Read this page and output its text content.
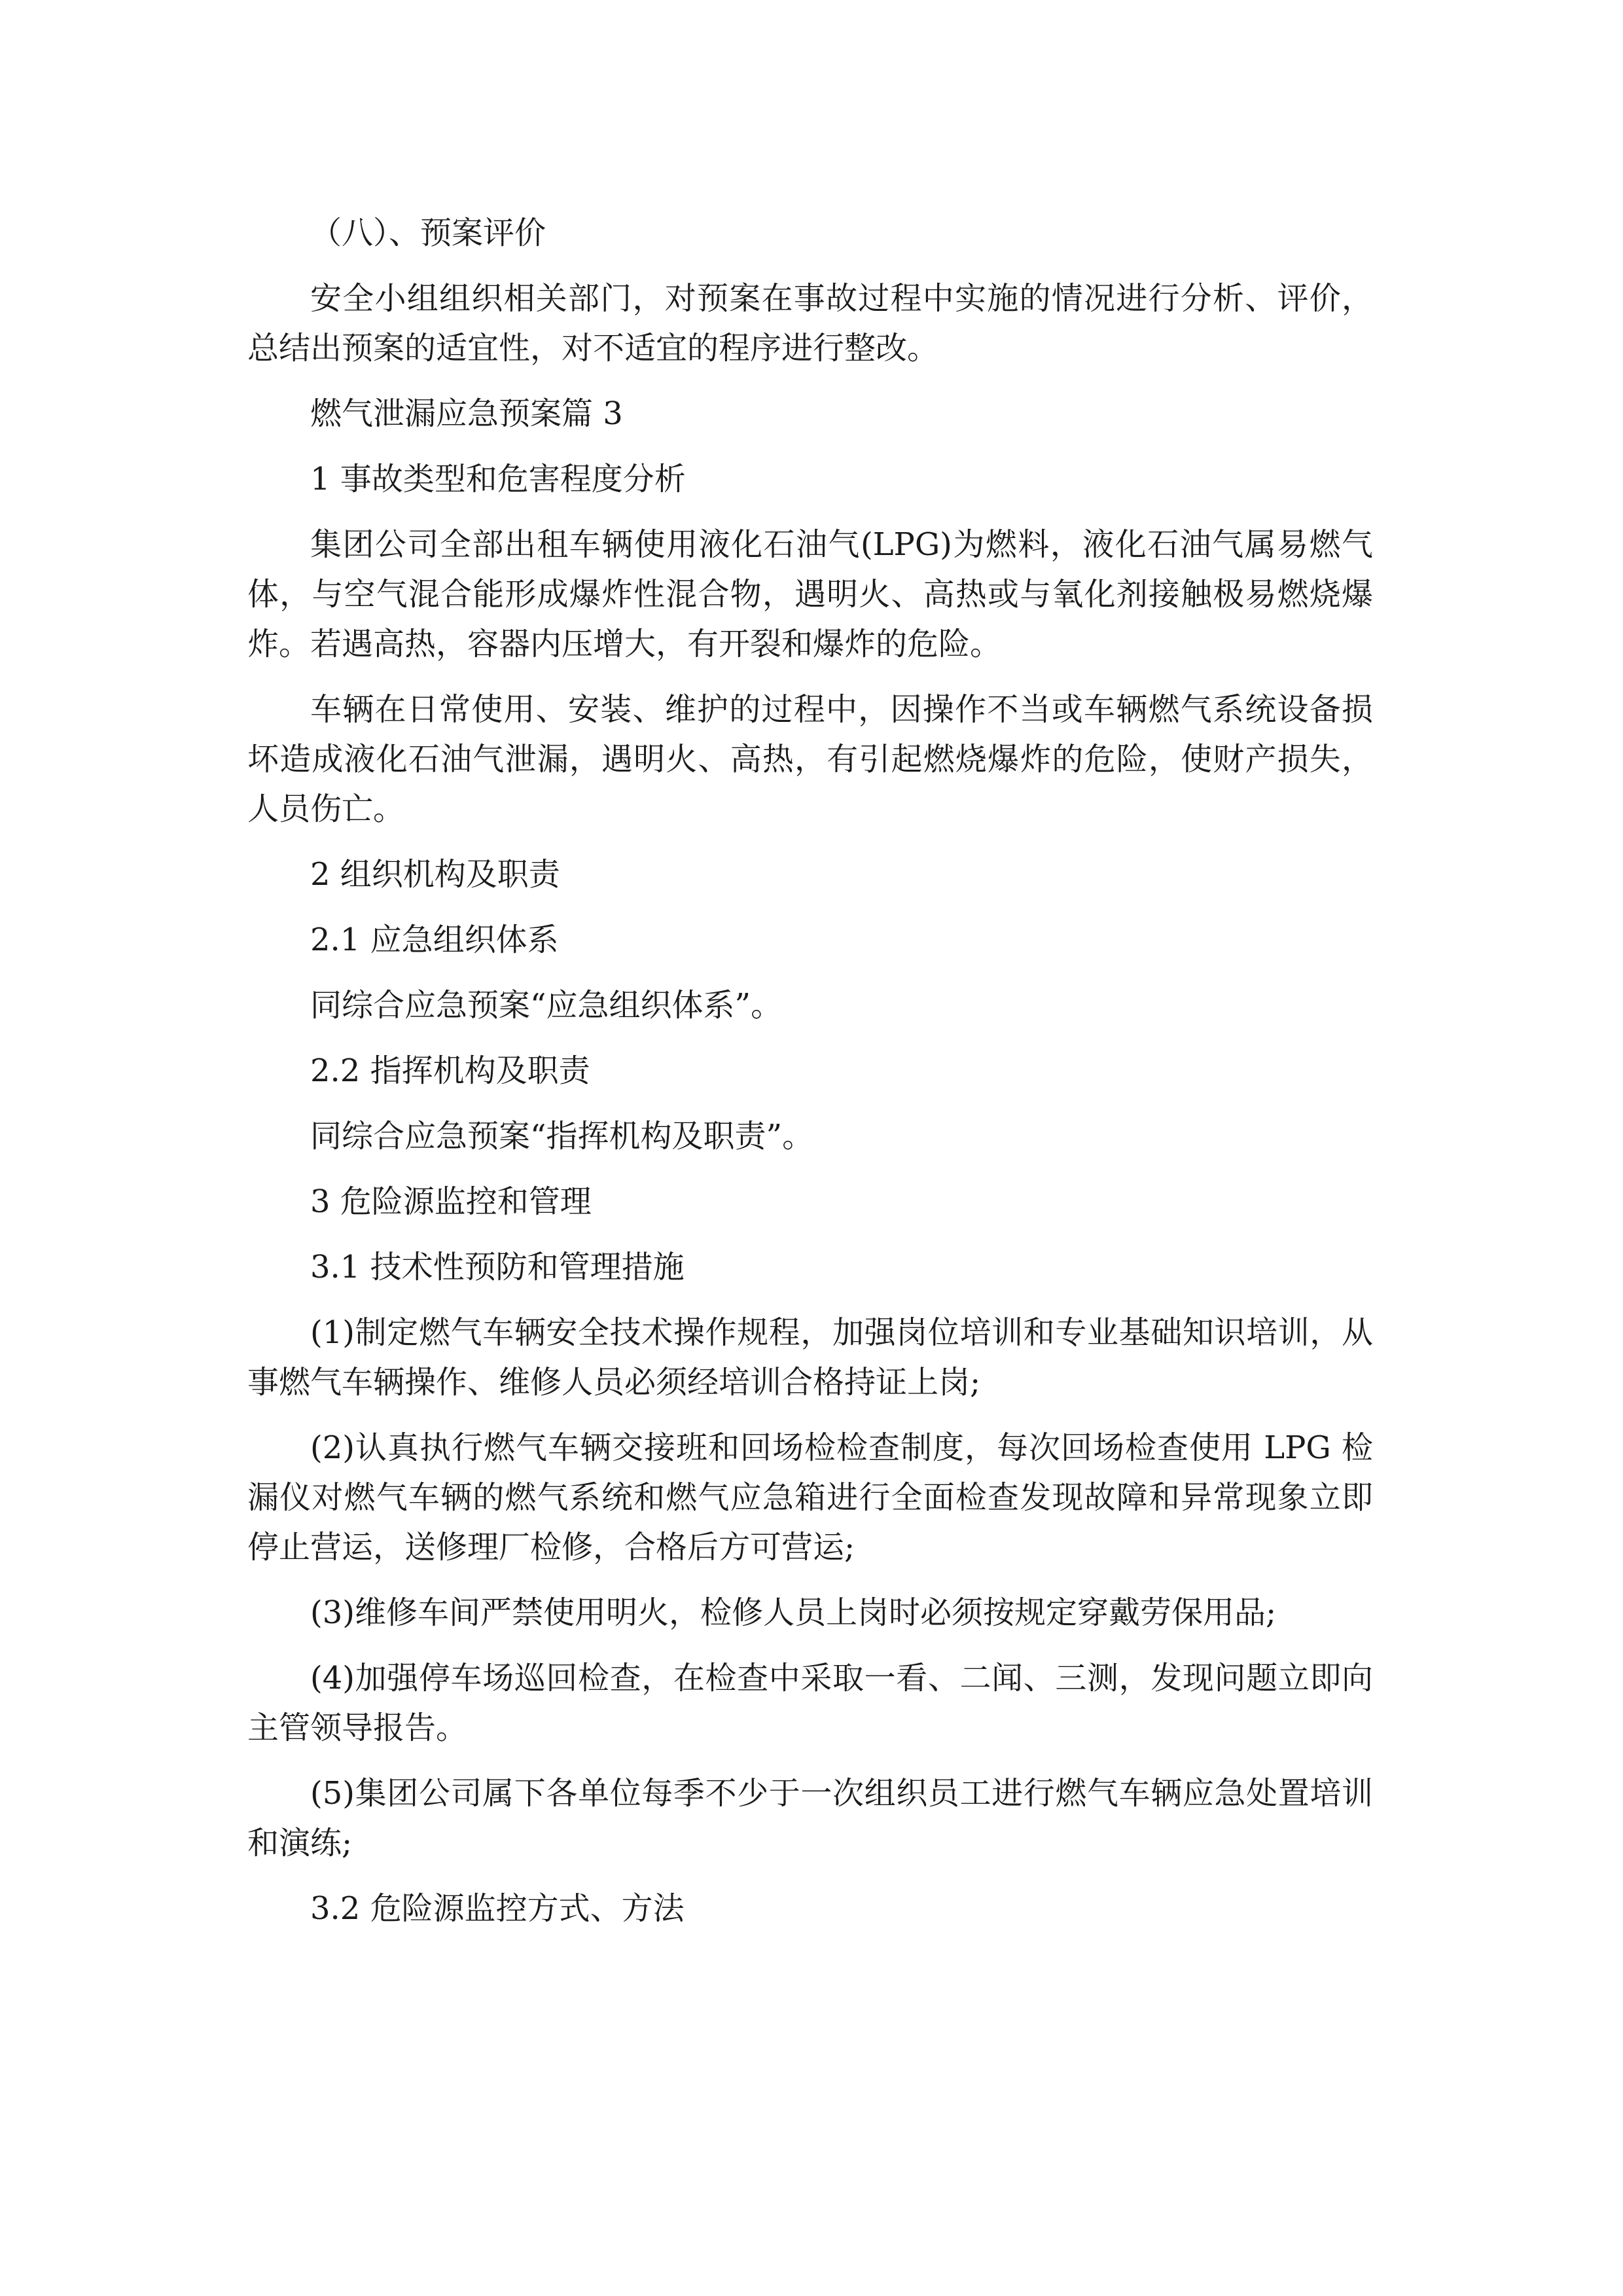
（八）、预案评价

安全小组组织相关部门，对预案在事故过程中实施的情况进行分析、评价，总结出预案的适宜性，对不适宜的程序进行整改。

燃气泄漏应急预案篇 3

1 事故类型和危害程度分析

集团公司全部出租车辆使用液化石油气(LPG)为燃料，液化石油气属易燃气体，与空气混合能形成爆炸性混合物，遇明火、高热或与氧化剂接触极易燃烧爆炸。若遇高热，容器内压增大，有开裂和爆炸的危险。

车辆在日常使用、安装、维护的过程中，因操作不当或车辆燃气系统设备损坏造成液化石油气泄漏，遇明火、高热，有引起燃烧爆炸的危险，使财产损失，人员伤亡。

2 组织机构及职责

2.1 应急组织体系

同综合应急预案“应急组织体系”。

2.2 指挥机构及职责

同综合应急预案“指挥机构及职责”。

3 危险源监控和管理

3.1 技术性预防和管理措施

(1)制定燃气车辆安全技术操作规程，加强岗位培训和专业基础知识培训，从事燃气车辆操作、维修人员必须经培训合格持证上岗;

(2)认真执行燃气车辆交接班和回场检检查制度，每次回场检查使用 LPG 检漏仪对燃气车辆的燃气系统和燃气应急箱进行全面检查发现故障和异常现象立即停止营运，送修理厂检修，合格后方可营运;

(3)维修车间严禁使用明火，检修人员上岗时必须按规定穿戴劳保用品;

(4)加强停车场巡回检查，在检查中采取一看、二闻、三测，发现问题立即向主管领导报告。

(5)集团公司属下各单位每季不少于一次组织员工进行燃气车辆应急处置培训和演练;

3.2 危险源监控方式、方法
